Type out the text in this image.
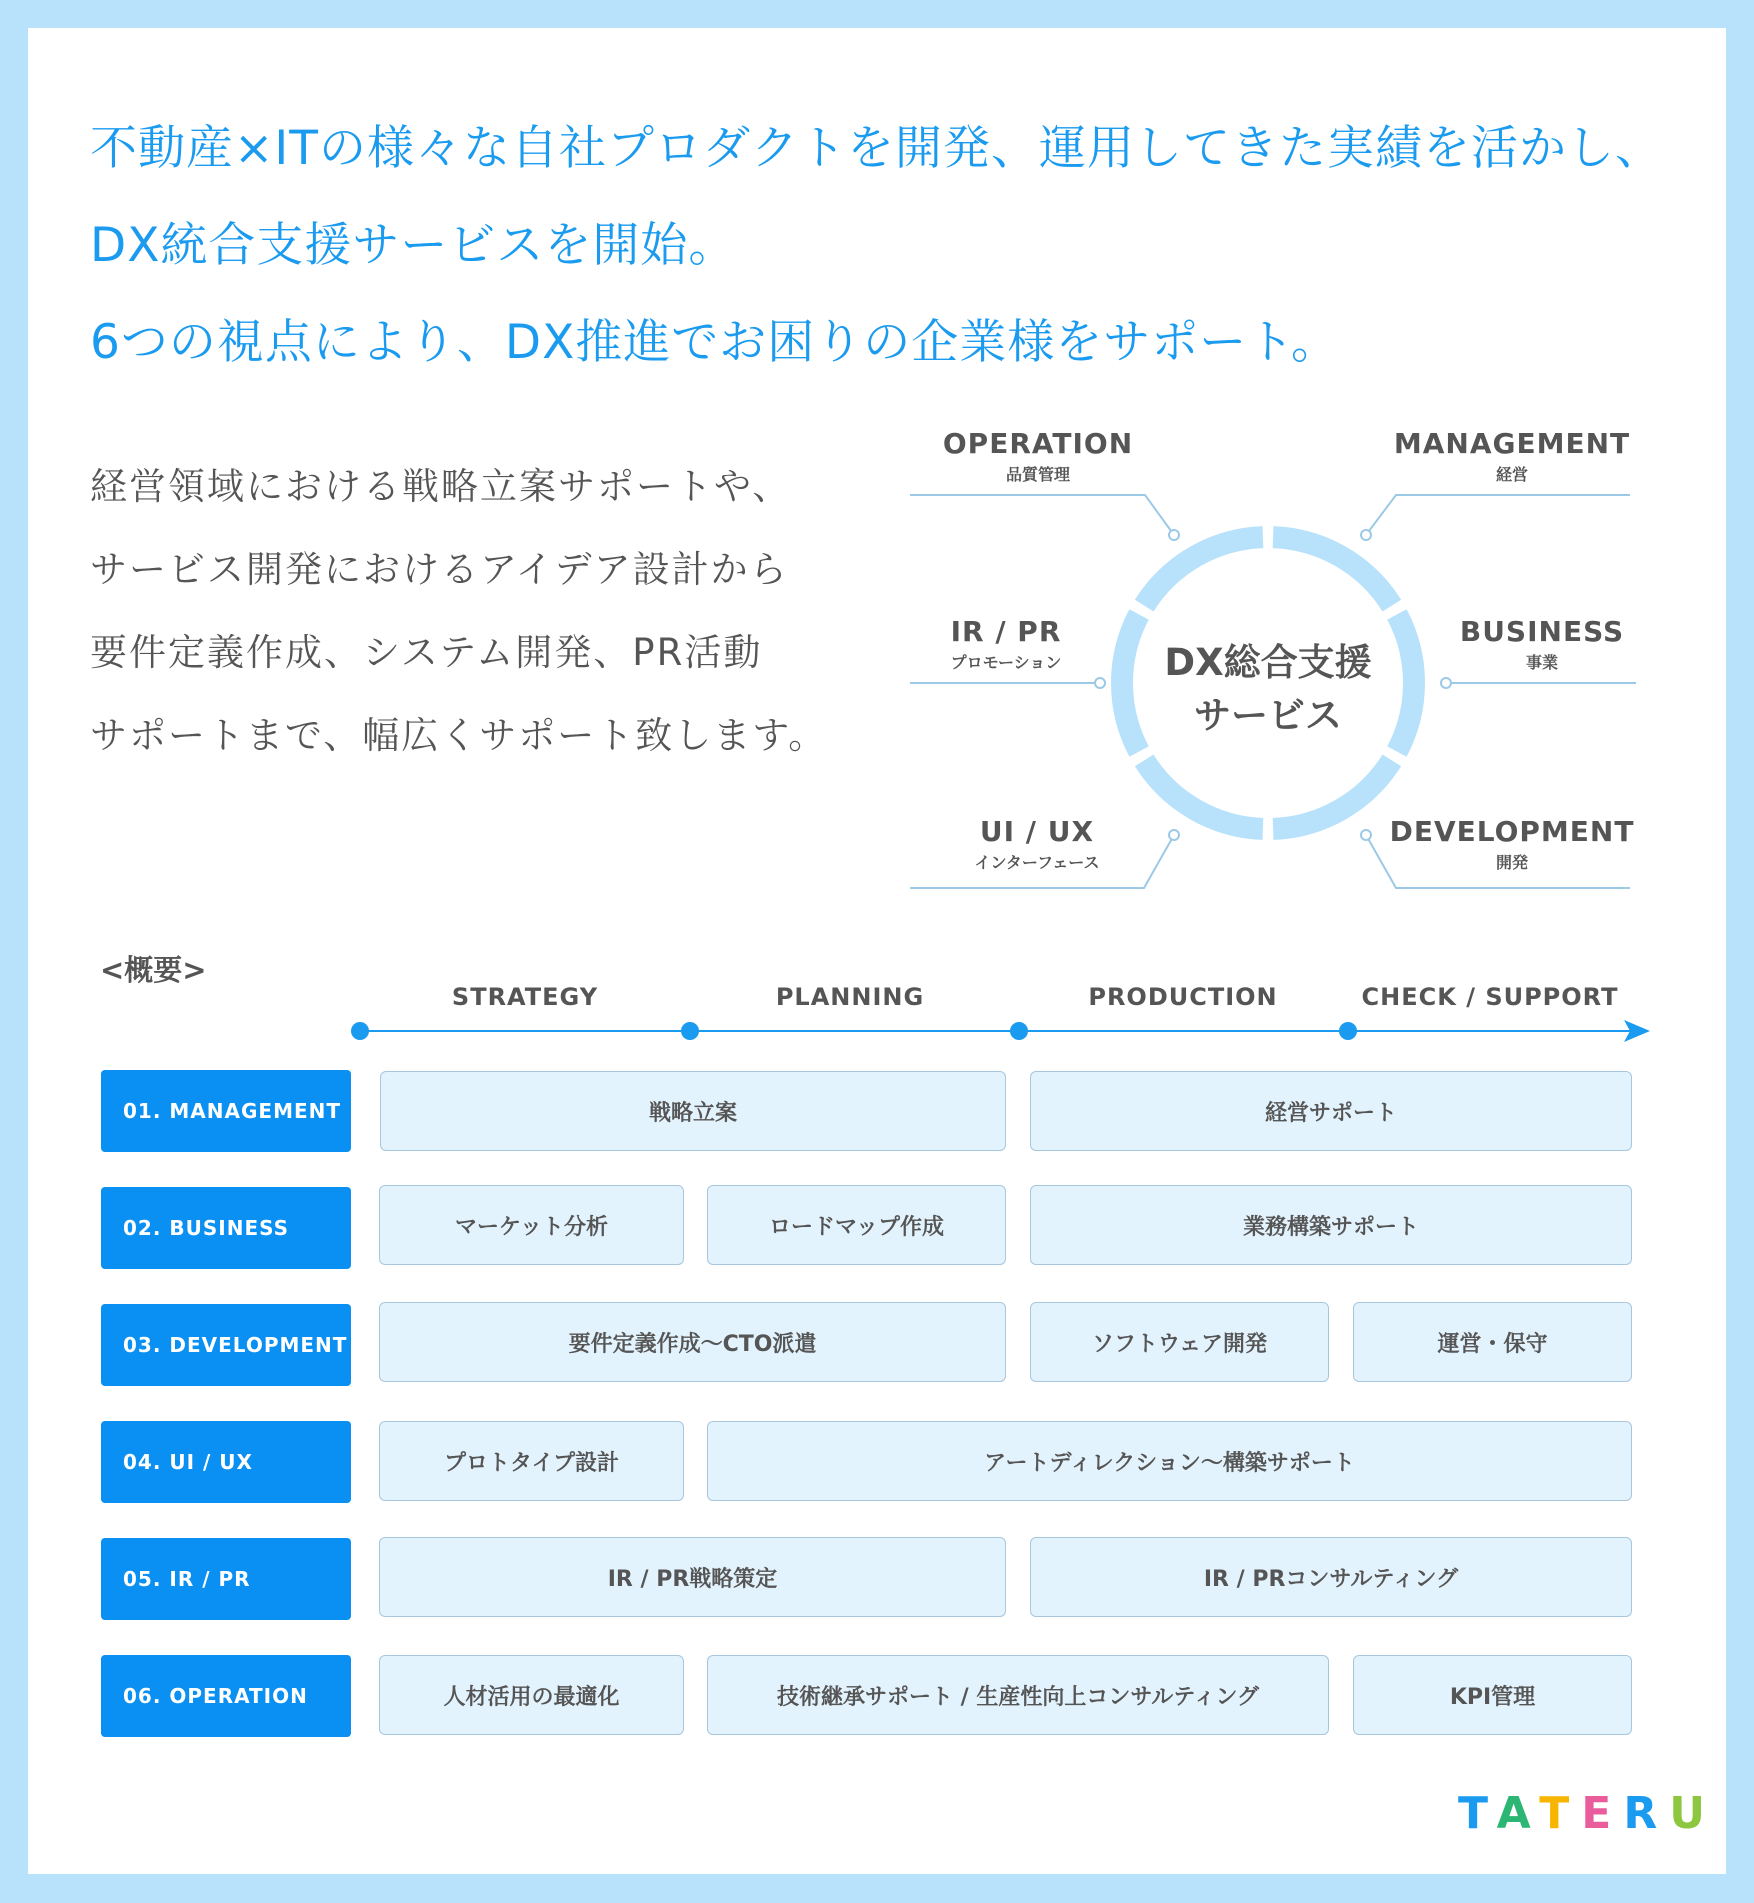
不動産×ITの様々な自社プロダクトを開発、運用してきた実績を活かし、
DX統合支援サービスを開始。
6つの視点により、DX推進でお困りの企業様をサポート。
経営領域における戦略立案サポートや、
サービス開発におけるアイデア設計から
要件定義作成、システム開発、PR活動
サポートまで、幅広くサポート致します。
OPERATION
品質管理
MANAGEMENT
経営
IR / PR
プロモーション
BUSINESS
事業
UI / UX
インターフェース
DEVELOPMENT
開発
DX総合支援
サービス
<概要>
STRATEGY	PLANNING	PRODUCTION	CHECK / SUPPORT
01. MANAGEMENT	戦略立案	経営サポート
02. BUSINESS	マーケット分析	ロードマップ作成	業務構築サポート
03. DEVELOPMENT	要件定義作成〜CTO派遣	ソフトウェア開発	運営・保守
04. UI / UX	プロトタイプ設計	アートディレクション〜構築サポート
05. IR / PR	IR / PR戦略策定	IR / PRコンサルティング
06. OPERATION	人材活用の最適化	技術継承サポート / 生産性向上コンサルティング	KPI管理
TATERU
